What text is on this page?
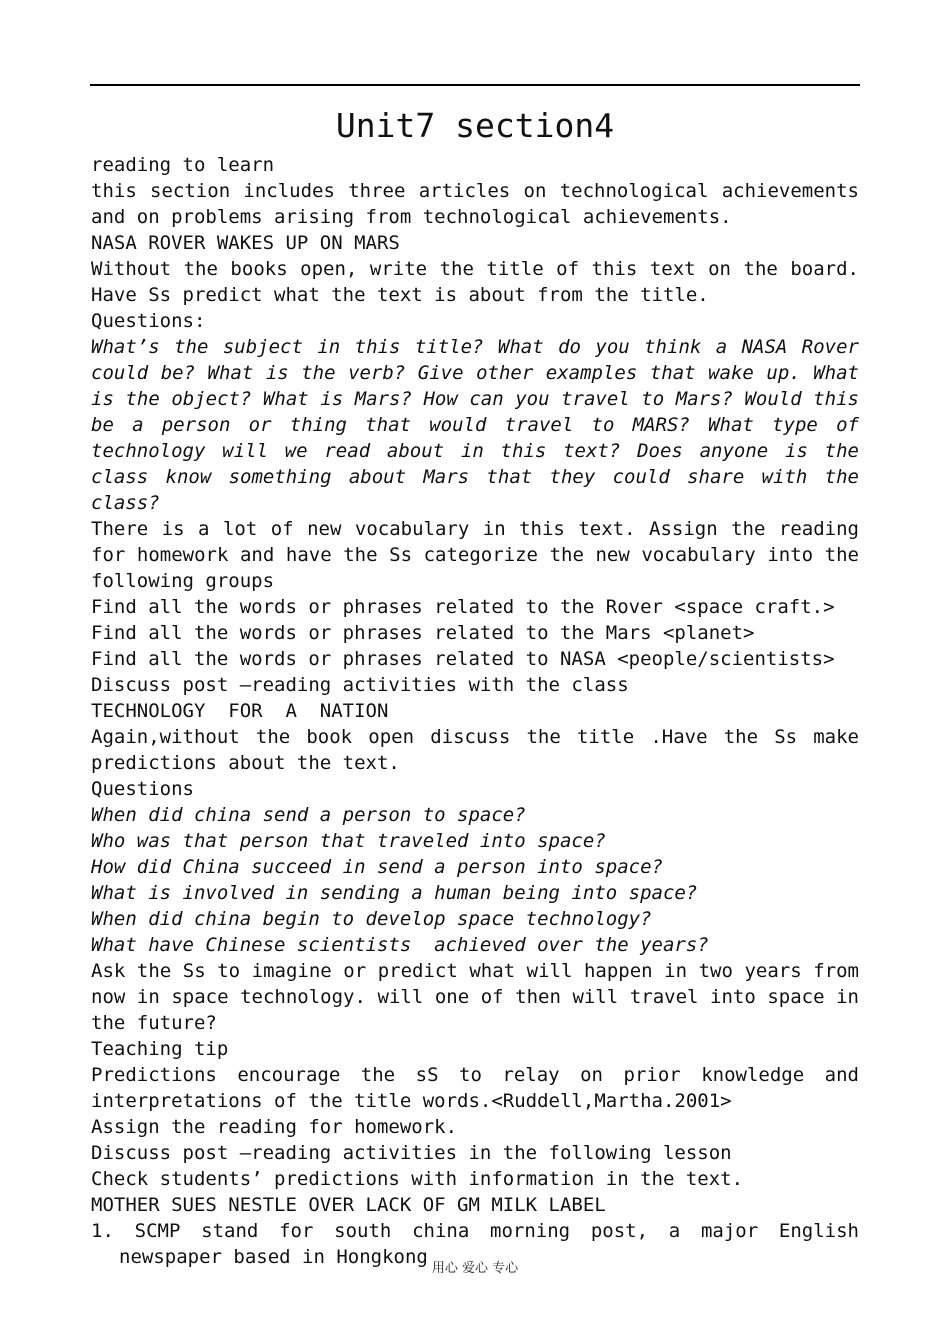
Unit7 section4

reading to learn

this section includes three articles on technological achievements and on problems arising from technological achievements.

NASA ROVER WAKES UP ON MARS

Without the books open, write the title of this text on the board. Have Ss predict what the text is about from the title.

Questions:

What’s the subject in this title? What do you think a NASA Rover could be? What is the verb? Give other examples that wake up. What is the object? What is Mars? How can you travel to Mars? Would this be a person or thing that would travel to MARS? What type of technology will we read about in this text? Does anyone is the class know something about Mars that they could share with the class?

There is a lot of new vocabulary in this text. Assign the reading for homework and have the Ss categorize the new vocabulary into the following groups

Find all the words or phrases related to the Rover <space craft.>

Find all the words or phrases related to the Mars <planet>

Find all the words or phrases related to NASA <people/scientists>

Discuss post –reading activities with the class

TECHNOLOGY  FOR  A  NATION

Again,without the book open discuss the title .Have the Ss make predictions about the text.

Questions

When did china send a person to space?

Who was that person that traveled into space?

How did China succeed in send a person into space?

What is involved in sending a human being into space?

When did china begin to develop space technology?

What have Chinese scientists  achieved over the years?

Ask the Ss to imagine or predict what will happen in two years from now in space technology. will one of then will travel into space in the future?

Teaching tip

Predictions encourage the sS to relay on prior knowledge and interpretations of the title words.<Ruddell,Martha.2001>

Assign the reading for homework.

Discuss post –reading activities in the following lesson

Check students’ predictions with information in the text.

MOTHER SUES NESTLE OVER LACK OF GM MILK LABEL

1. SCMP stand for south china morning post, a major English newspaper based in Hongkong

用心 爱心 专心
